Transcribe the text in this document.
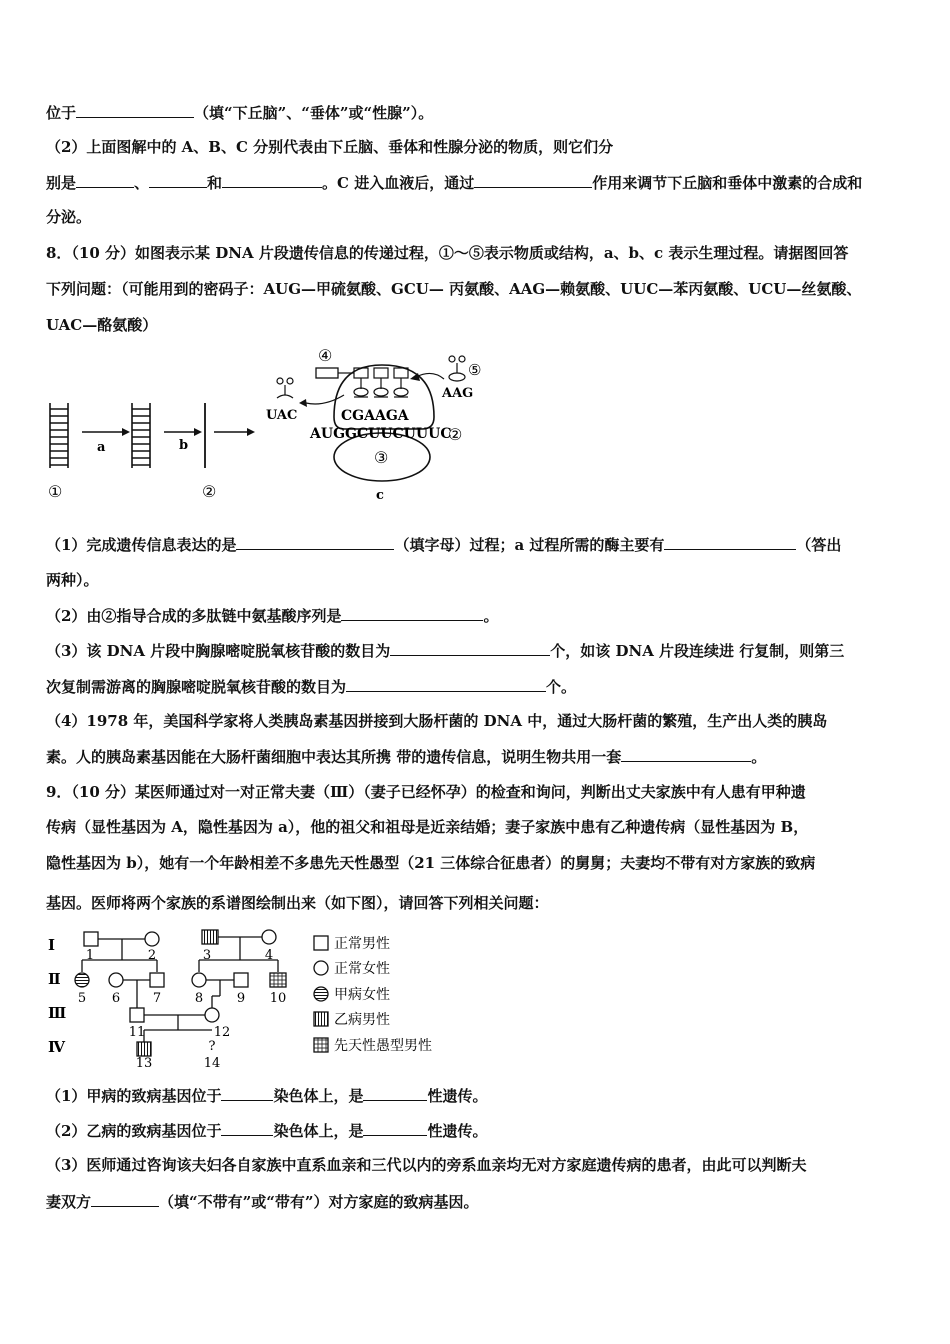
位于	（填“下丘脑”、“垂体”或“性腺”）。
（2）上面图解中的 A、B、C 分别代表由下丘脑、垂体和性腺分泌的物质，则它们分
别是	、	和	。C 进入血液后，通过	作用来调节下丘脑和垂体中激素的合成和
分泌。
8．（10 分）如图表示某 DNA 片段遗传信息的传递过程，①～⑤表示物质或结构，a、b、c 表示生理过程。请据图回答
下列问题：（可能用到的密码子：AUG—甲硫氨酸、GCU— 丙氨酸、AAG—赖氨酸、UUC—苯丙氨酸、UCU—丝氨酸、
UAC—酪氨酸）
①
a	b
②
③
④
CGAAGA
AUGGCUUCUUUC
②
UAC
⑤
AAG
c
（1）完成遗传信息表达的是	（填字母）过程；a 过程所需的酶主要有	（答出
两种）。
（2）由②指导合成的多肽链中氨基酸序列是	。
（3）该 DNA 片段中胸腺嘧啶脱氧核苷酸的数目为	个，如该 DNA 片段连续进 行复制，则第三
次复制需游离的胸腺嘧啶脱氧核苷酸的数目为	个。
（4）1978 年，美国科学家将人类胰岛素基因拼接到大肠杆菌的 DNA 中，通过大肠杆菌的繁殖，生产出人类的胰岛
素。人的胰岛素基因能在大肠杆菌细胞中表达其所携 带的遗传信息，说明生物共用一套	。
9．（10 分）某医师通过对一对正常夫妻（Ⅲ）（妻子已经怀孕）的检查和询问，判断出丈夫家族中有人患有甲种遗
传病（显性基因为 A，隐性基因为 a），他的祖父和祖母是近亲结婚；妻子家族中患有乙种遗传病（显性基因为 B，
隐性基因为 b），她有一个年龄相差不多患先天性愚型（21 三体综合征患者）的舅舅；夫妻均不带有对方家族的致病
基因。医师将两个家族的系谱图绘制出来（如下图），请回答下列相关问题：
Ⅰ
Ⅱ
Ⅲ
Ⅳ
1	2	3	4
5 6	7	8	9 10
11	12
13
?
14
正常男性
正常女性
甲病女性
乙病男性
先天性愚型男性
（1）甲病的致病基因位于	染色体上，是	性遗传。
（2）乙病的致病基因位于	染色体上，是	性遗传。
（3）医师通过咨询该夫妇各自家族中直系血亲和三代以内的旁系血亲均无对方家庭遗传病的患者，由此可以判断夫
妻双方	（填“不带有”或“带有”）对方家庭的致病基因。
